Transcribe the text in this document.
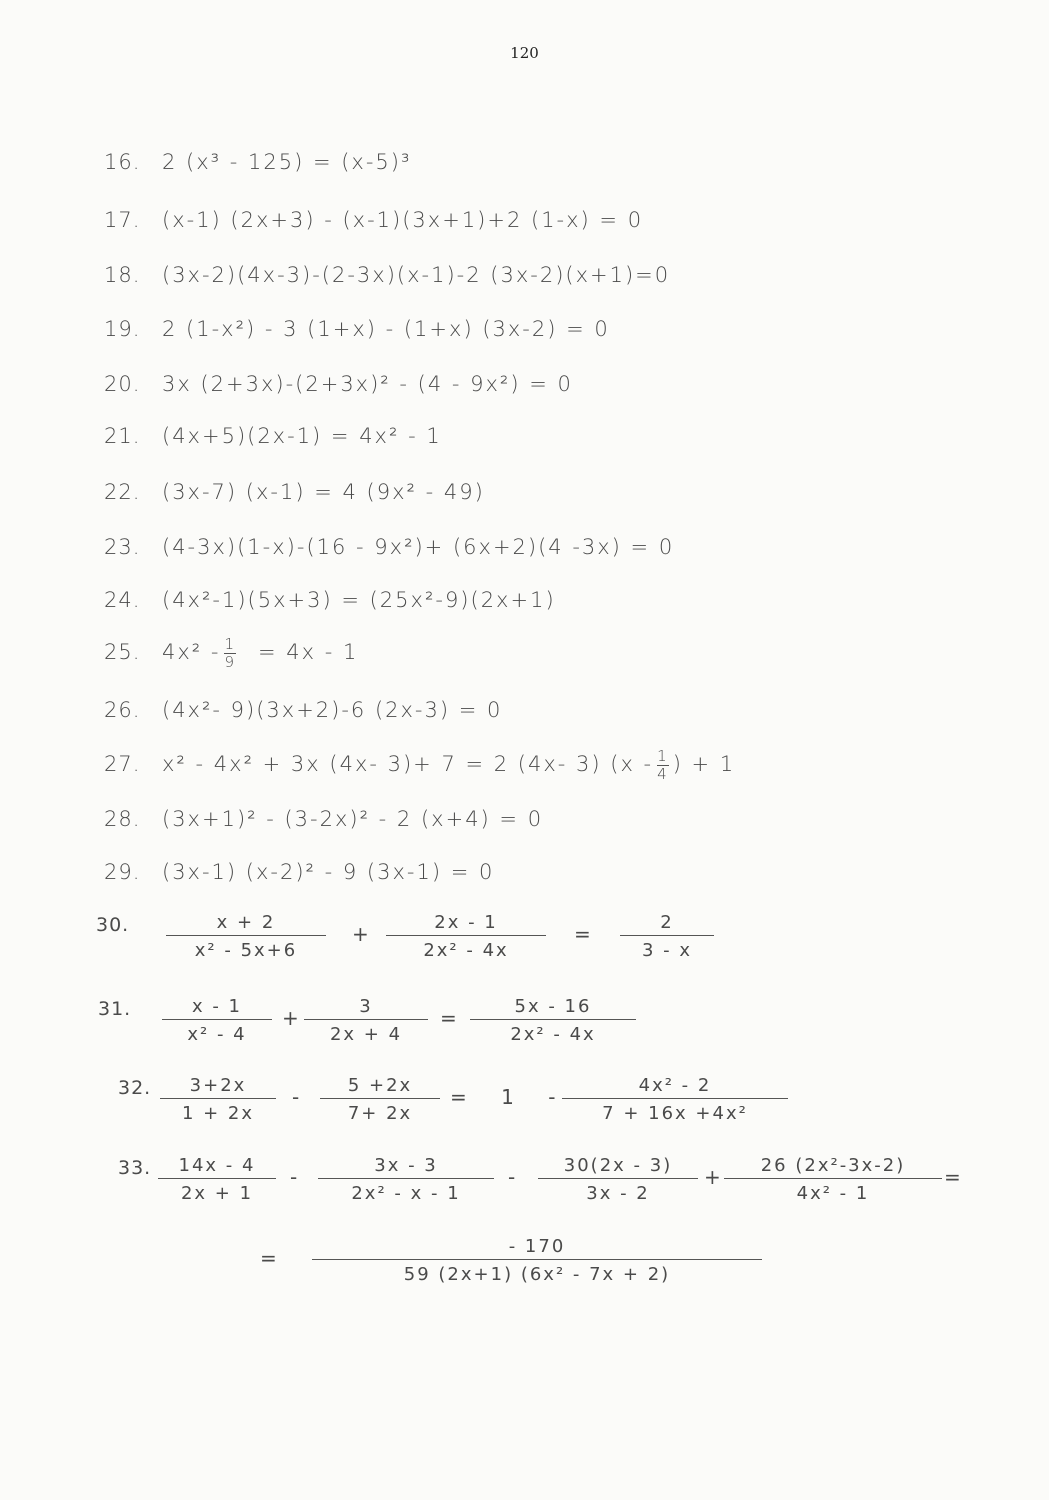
120
16. 2 (x³ - 125) = (x-5)³
17. (x-1) (2x+3) - (x-1)(3x+1)+2 (1-x) = 0
18. (3x-2)(4x-3)-(2-3x)(x-1)-2 (3x-2)(x+1)=0
19. 2 (1-x²) - 3 (1+x) - (1+x) (3x-2) = 0
20. 3x (2+3x)-(2+3x)² - (4 - 9x²) = 0
21. (4x+5)(2x-1) = 4x² - 1
22. (3x-7) (x-1) = 4 (9x² - 49)
23. (4-3x)(1-x)-(16 - 9x²)+ (6x+2)(4 -3x) = 0
24. (4x²-1)(5x+3) = (25x²-9)(2x+1)
25. $4x^2 - \frac{1}{9} = 4x - 1$
26. (4x²- 9)(3x+2)-6 (2x-3) = 0
27. x² - 4x² + 3x (4x- 3)+ 7 = 2 (4x- 3) ($x - \frac{1}{4}$ ) + 1
28. (3x+1)² - (3-2x)² - 2 (x+4) = 0
29. (3x-1) (x-2)² - 9 (3x-1) = 0
30.	x + 2
x² - 5x+6
+	2x - 1
2x² - 4x
=	2
3 - x
31.	x - 1
x² - 4
+	3
2x + 4
=	5x - 16
2x² - 4x
32.	3+2x
1 + 2x
-	5 +2x
7+ 2x
= 1 -	4x² - 2
7 + 16x +4x²
33.	14x - 4
2x + 1
-	3x - 3
2x² - x - 1
-	30(2x - 3)
3x - 2
+ 26 (2x²-3x-2)
4x² - 1
=
=	- 170
59 (2x+1) (6x² - 7x + 2)
